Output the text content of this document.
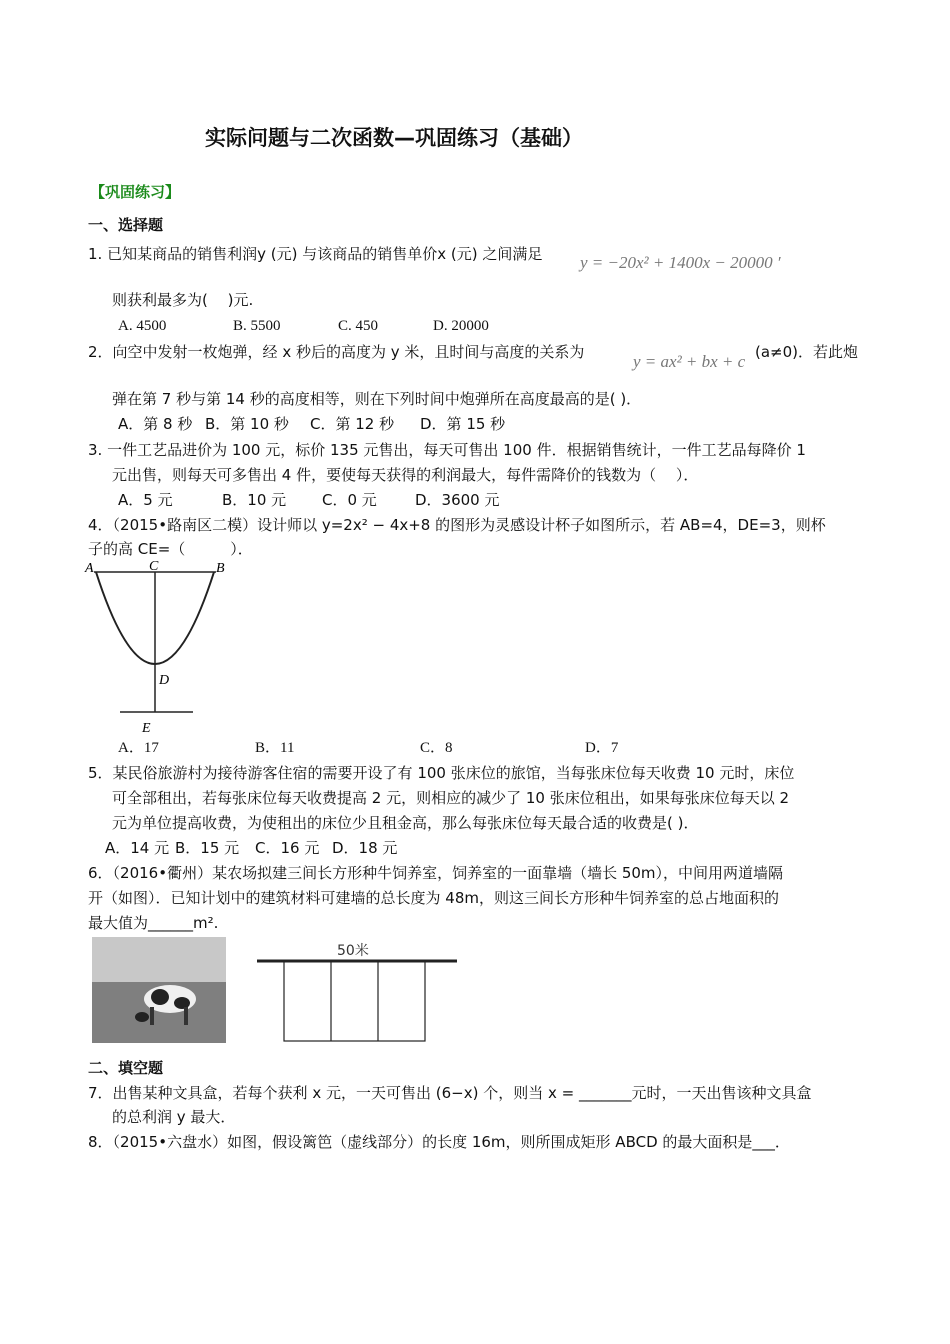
实际问题与二次函数—巩固练习（基础）
【巩固练习】
一、选择题
1. 已知某商品的销售利润y (元) 与该商品的销售单价x (元) 之间满足 y = −20x² + 1400x − 20000 ′
则获利最多为(　 )元.
A. 4500	B. 5500	C. 450	D. 20000
2．向空中发射一枚炮弹，经 x 秒后的高度为 y 米，且时间与高度的关系为	y = ax² + bx + c (a≠0)．若此炮
弹在第 7 秒与第 14 秒的高度相等，则在下列时间中炮弹所在高度最高的是( )．
A．第 8 秒 B．第 10 秒 C．第 12 秒 D．第 15 秒
3. 一件工艺品进价为 100 元，标价 135 元售出，每天可售出 100 件．根据销售统计，一件工艺品每降价 1
元出售，则每天可多售出 4 件，要使每天获得的利润最大，每件需降价的钱数为（　 ）．
A．5 元	B．10 元 C．0 元	D．3600 元
4．（2015•路南区二模）设计师以 y=2x² − 4x+8 的图形为灵感设计杯子如图所示，若 AB=4，DE=3，则杯
子的高 CE=（　　　）．
A	C	B
D
E
A．17	B．11	C．8	D．7
5．某民俗旅游村为接待游客住宿的需要开设了有 100 张床位的旅馆，当每张床位每天收费 10 元时，床位
可全部租出，若每张床位每天收费提高 2 元，则相应的减少了 10 张床位租出，如果每张床位每天以 2
元为单位提高收费，为使租出的床位少且租金高，那么每张床位每天最合适的收费是( )．
A．14 元 B．15 元 C．16 元 D．18 元
6．（2016•衢州）某农场拟建三间长方形种牛饲养室，饲养室的一面靠墙（墙长 50m），中间用两道墙隔
开（如图）．已知计划中的建筑材料可建墙的总长度为 48m，则这三间长方形种牛饲养室的总占地面积的
最大值为______m².
50米
二、填空题
7．出售某种文具盒，若每个获利 x 元，一天可售出 (6−x) 个，则当 x = _______元时，一天出售该种文具盒
的总利润 y 最大．
8．（2015•六盘水）如图，假设篱笆（虚线部分）的长度 16m，则所围成矩形 ABCD 的最大面积是___．
